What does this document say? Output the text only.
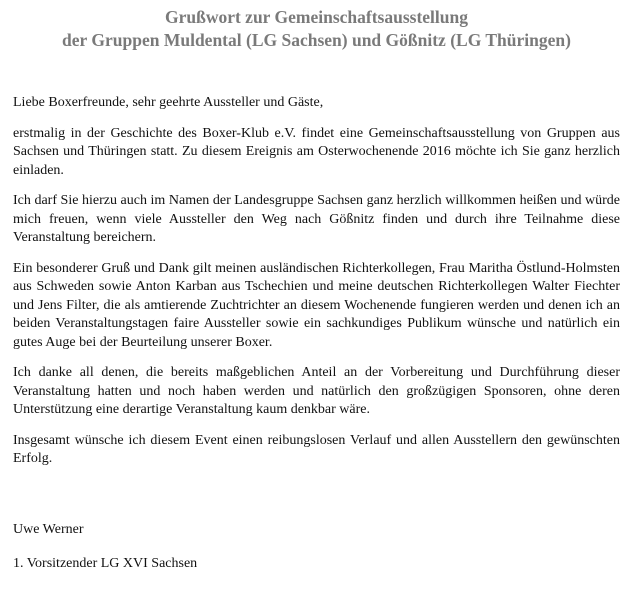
Grußwort zur Gemeinschaftsausstellung
der Gruppen Muldental (LG Sachsen) und Gößnitz (LG Thüringen)

Liebe Boxerfreunde, sehr geehrte Aussteller und Gäste,

erstmalig in der Geschichte des Boxer-Klub e.V. findet eine Gemeinschaftsausstellung von Gruppen aus Sachsen und Thüringen statt. Zu diesem Ereignis am Osterwochenende 2016 möchte ich Sie ganz herzlich einladen.

Ich darf Sie hierzu auch im Namen der Landesgruppe Sachsen ganz herzlich willkommen heißen und würde mich freuen, wenn viele Aussteller den Weg nach Gößnitz finden und durch ihre Teilnahme diese Veranstaltung bereichern.

Ein besonderer Gruß und Dank gilt meinen ausländischen Richterkollegen, Frau Maritha Östlund-Holmsten aus Schweden sowie Anton Karban aus Tschechien und meine deutschen Richterkollegen Walter Fiechter und Jens Filter, die als amtierende Zuchtrichter an diesem Wochenende fungieren werden und denen ich an beiden Veranstaltungstagen faire Aussteller sowie ein sachkundiges Publikum wünsche und natürlich ein gutes Auge bei der Beurteilung unserer Boxer.

Ich danke all denen, die bereits maßgeblichen Anteil an der Vorbereitung und Durchführung dieser Veranstaltung hatten und noch haben werden und natürlich den großzügigen Sponsoren, ohne deren Unterstützung eine derartige Veranstaltung kaum denkbar wäre.

Insgesamt wünsche ich diesem Event einen reibungslosen Verlauf und allen Ausstellern den gewünschten Erfolg.

Uwe Werner

1. Vorsitzender LG XVI Sachsen
